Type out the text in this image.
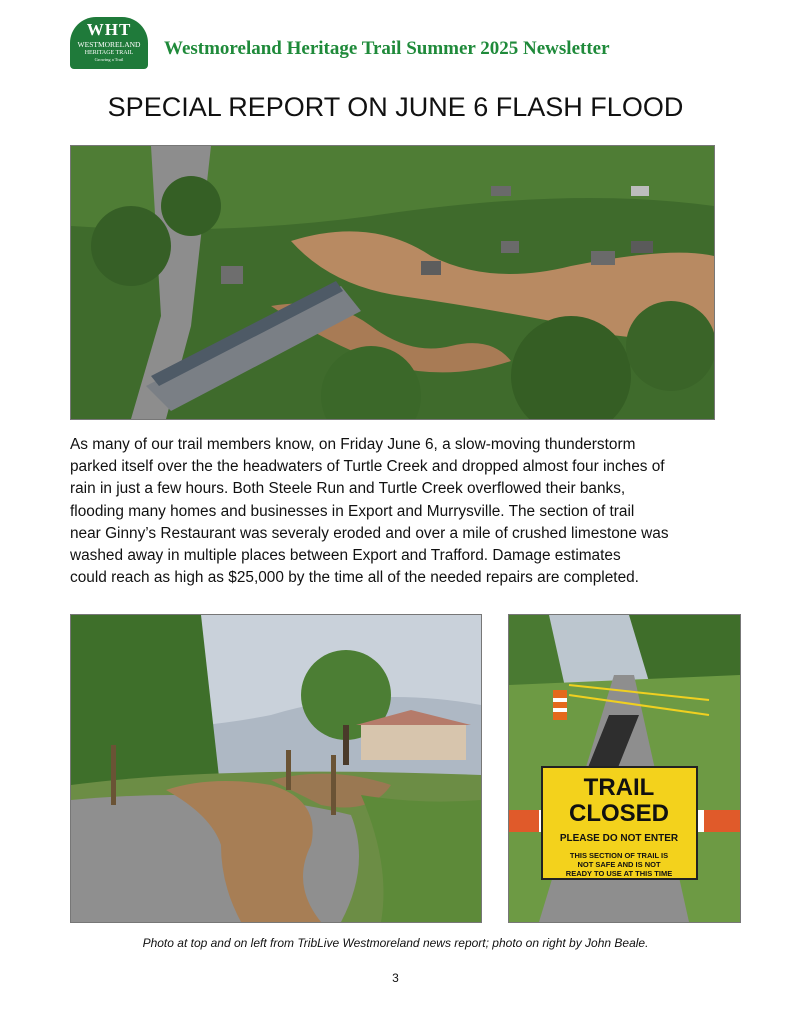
WHT
WESTMORELAND
HERITAGE TRAIL
Growing a Trail
Westmoreland Heritage Trail Summer 2025 Newsletter
SPECIAL REPORT ON JUNE 6 FLASH FLOOD
As many of our trail members know, on Friday June 6, a slow-moving thunderstorm
parked itself over the the headwaters of Turtle Creek and dropped almost four inches of
rain in just a few hours. Both Steele Run and Turtle Creek overflowed their banks,
flooding many homes and businesses in Export and Murrysville. The section of trail
near Ginny’s Restaurant was severaly eroded and over a mile of crushed limestone was
washed away in multiple places between Export and Trafford. Damage estimates
could reach as high as $25,000 by the time all of the needed repairs are completed.
TRAIL
CLOSED
PLEASE DO NOT ENTER
THIS SECTION OF TRAIL IS
NOT SAFE AND IS NOT
READY TO USE AT THIS TIME
Photo at top and on left from TribLive Westmoreland news report; photo on right by John Beale.
3
